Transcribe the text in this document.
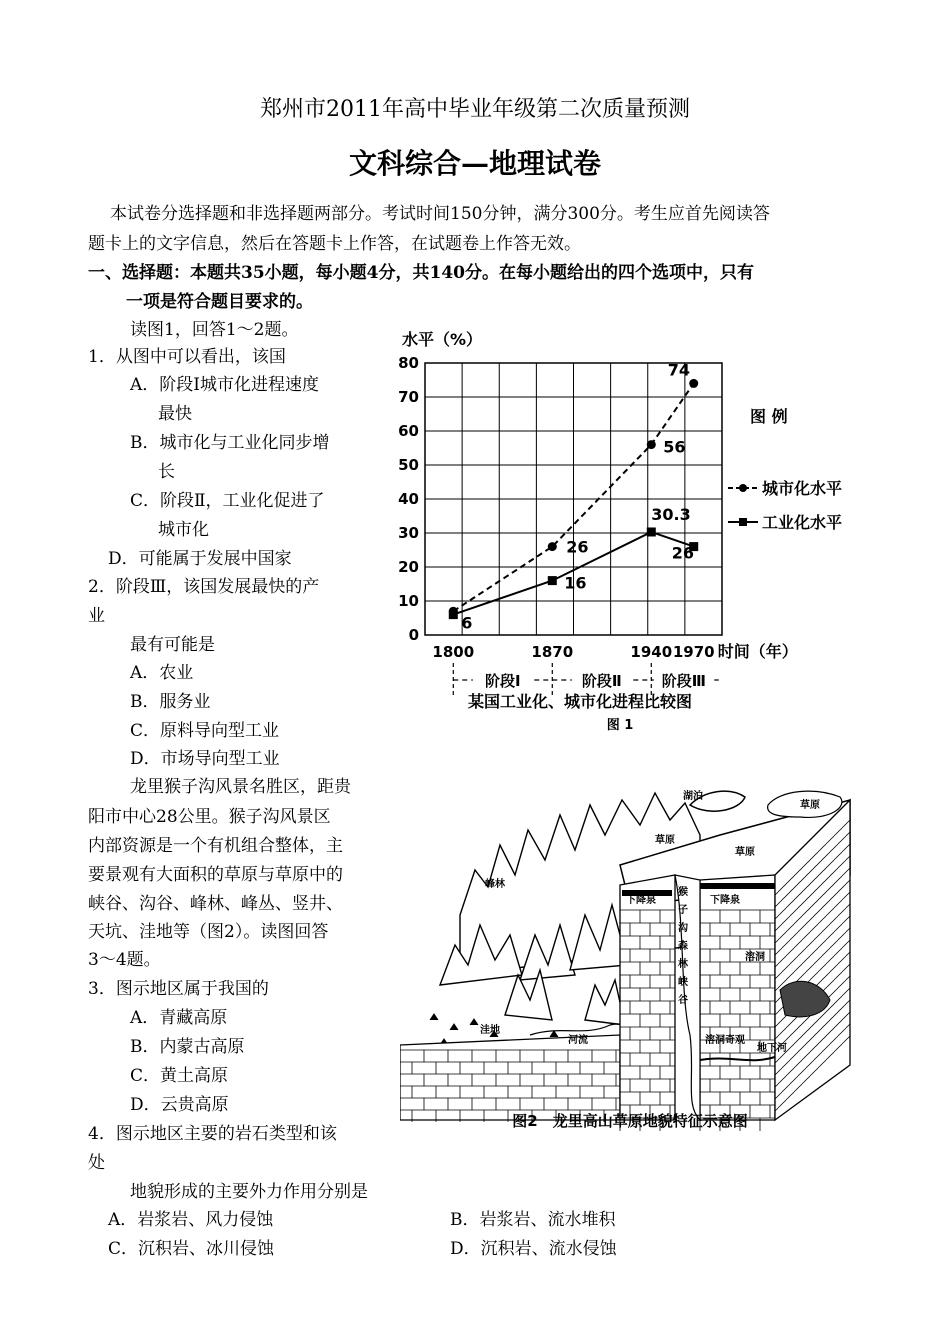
郑州市2011年高中毕业年级第二次质量预测
文科综合—地理试卷
本试卷分选择题和非选择题两部分。考试时间150分钟，满分300分。考生应首先阅读答
题卡上的文字信息，然后在答题卡上作答，在试题卷上作答无效。
一、选择题：本题共35小题，每小题4分，共140分。在每小题给出的四个选项中，只有
一项是符合题目要求的。
读图1，回答1～2题。
1．从图中可以看出，该国
A．阶段Ⅰ城市化进程速度
最快
B．城市化与工业化同步增
长
C．阶段Ⅱ，工业化促进了
城市化
D．可能属于发展中国家
2．阶段Ⅲ，该国发展最快的产
业
最有可能是
A．农业
B．服务业
C．原料导向型工业
D．市场导向型工业
龙里猴子沟风景名胜区，距贵
阳市中心28公里。猴子沟风景区
内部资源是一个有机组合整体，主
要景观有大面积的草原与草原中的
峡谷、沟谷、峰林、峰丛、竖井、
天坑、洼地等（图2）。读图回答
3～4题。
3．图示地区属于我国的
A．青藏高原
B．内蒙古高原
C．黄土高原
D．云贵高原
4．图示地区主要的岩石类型和该
处
地貌形成的主要外力作用分别是
A．岩浆岩、风力侵蚀	B．岩浆岩、流水堆积
C．沉积岩、冰川侵蚀	D．沉积岩、流水侵蚀
0
10
20
30
40
50
60
70
80
1800	1870	1940 1970
水平（%）
时间（年）
阶段Ⅰ	阶段Ⅱ	阶段Ⅲ
26
56
74
6
16
30.3
26
图 例
城市化水平
工业化水平
某国工业化、城市化进程比较图
图 1
湖泊
草原
草原
草原
猴
子
沟
森
林
峡
谷
下降泉	下降泉
溶洞
溶洞奇观
地下河
洼地
河流
峰林
图2　龙里高山草原地貌特征示意图
